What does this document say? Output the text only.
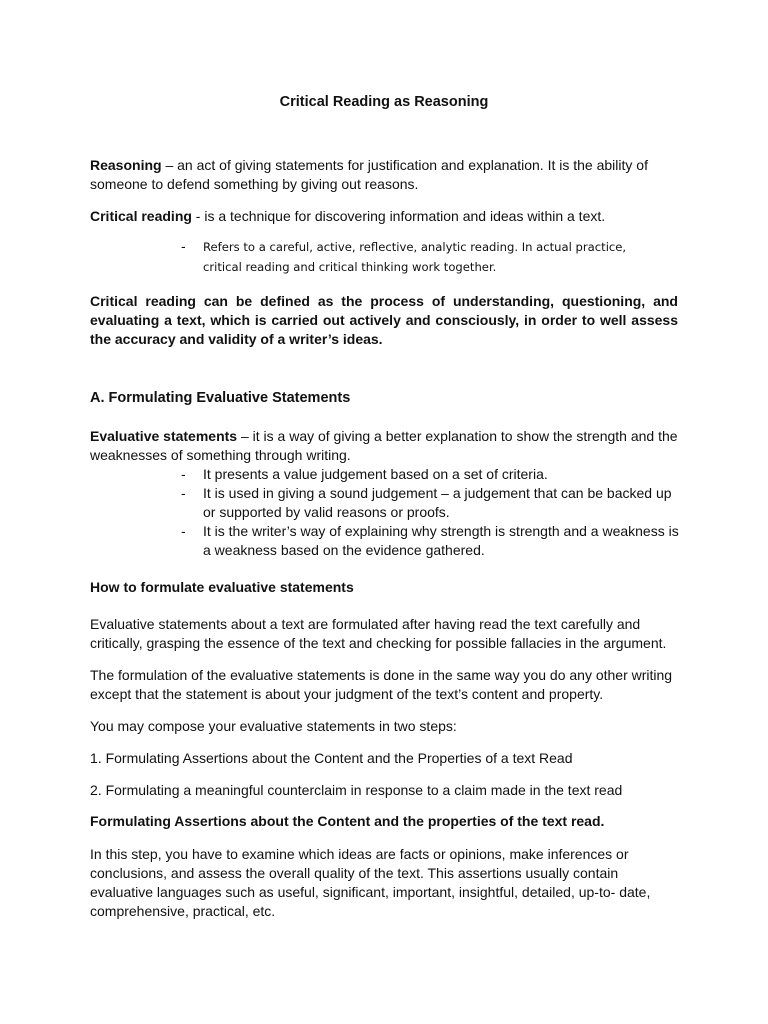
Critical Reading as Reasoning

Reasoning – an act of giving statements for justification and explanation. It is the ability of someone to defend something by giving out reasons.

Critical reading - is a technique for discovering information and ideas within a text.

-	Refers to a careful, active, reflective, analytic reading. In actual practice, critical reading and critical thinking work together.

Critical reading can be defined as the process of understanding, questioning, and evaluating a text, which is carried out actively and consciously, in order to well assess the accuracy and validity of a writer’s ideas.

A. Formulating Evaluative Statements

Evaluative statements – it is a way of giving a better explanation to show the strength and the weaknesses of something through writing.

-	It presents a value judgement based on a set of criteria.
-	It is used in giving a sound judgement – a judgement that can be backed up or supported by valid reasons or proofs.
-	It is the writer’s way of explaining why strength is strength and a weakness is a weakness based on the evidence gathered.

How to formulate evaluative statements

Evaluative statements about a text are formulated after having read the text carefully and critically, grasping the essence of the text and checking for possible fallacies in the argument.

The formulation of the evaluative statements is done in the same way you do any other writing except that the statement is about your judgment of the text’s content and property.

You may compose your evaluative statements in two steps:

1. Formulating Assertions about the Content and the Properties of a text Read

2. Formulating a meaningful counterclaim in response to a claim made in the text read

Formulating Assertions about the Content and the properties of the text read.

In this step, you have to examine which ideas are facts or opinions, make inferences or conclusions, and assess the overall quality of the text. This assertions usually contain evaluative languages such as useful, significant, important, insightful, detailed, up-to- date, comprehensive, practical, etc.
